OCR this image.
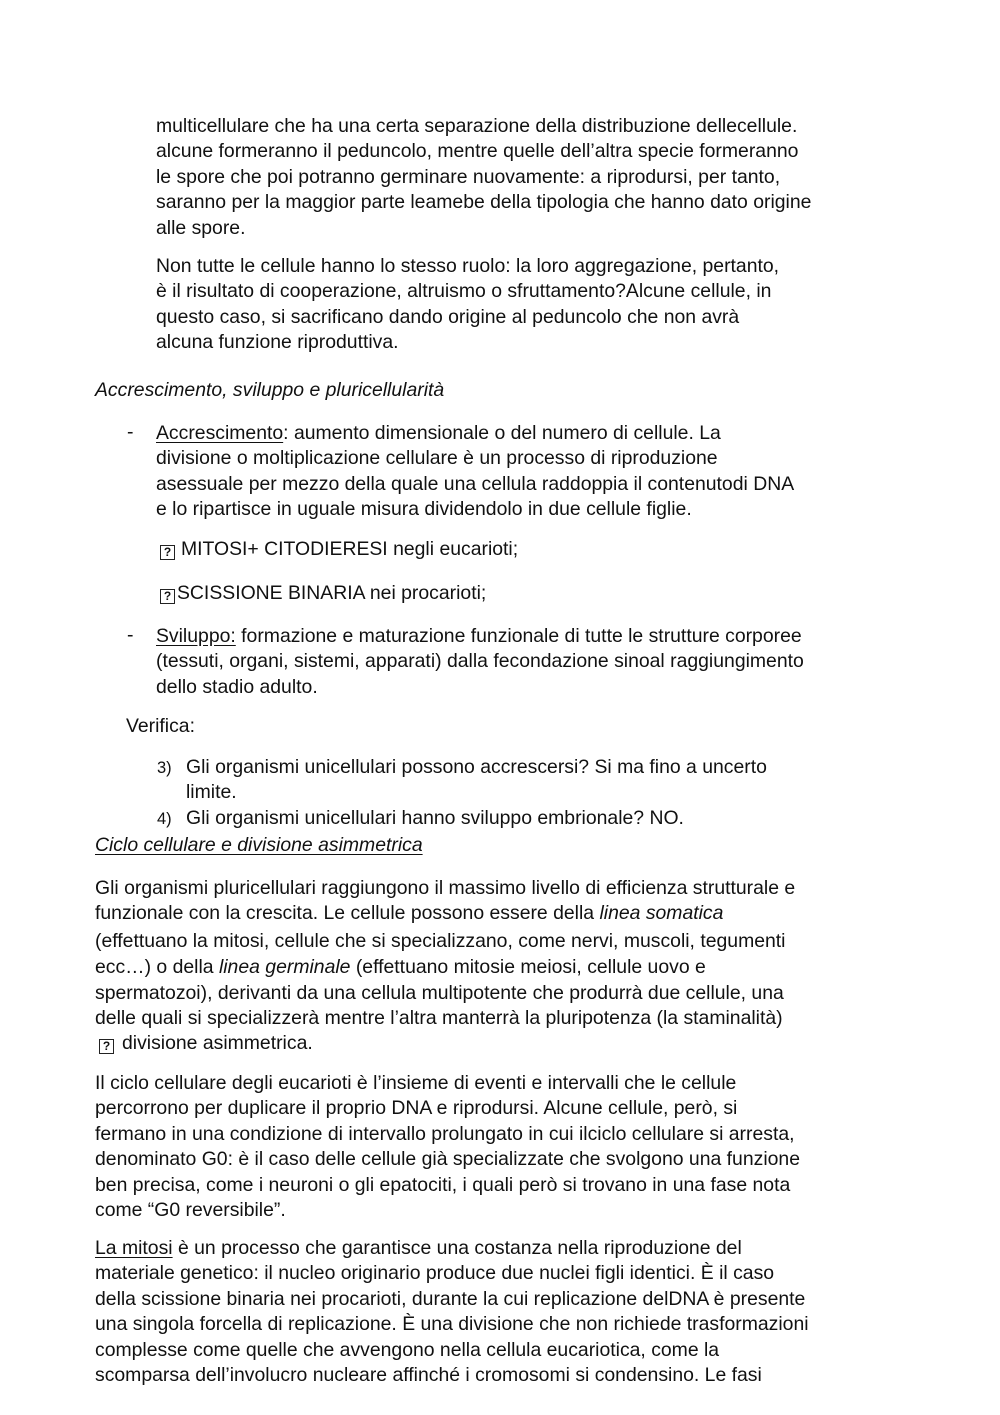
multicellulare che ha una certa separazione della distribuzione dellecellule.
alcune formeranno il peduncolo, mentre quelle dell’altra specie formeranno
le spore che poi potranno germinare nuovamente: a riprodursi, per tanto,
saranno per la maggior parte leamebe della tipologia che hanno dato origine
alle spore.
Non tutte le cellule hanno lo stesso ruolo: la loro aggregazione, pertanto,
è il risultato di cooperazione, altruismo o sfruttamento?Alcune cellule, in
questo caso, si sacrificano dando origine al peduncolo che non avrà
alcuna funzione riproduttiva.
Accrescimento, sviluppo e pluricellularità
- Accrescimento: aumento dimensionale o del numero di cellule. La
divisione o moltiplicazione cellulare è un processo di riproduzione
asessuale per mezzo della quale una cellula raddoppia il contenutodi DNA
e lo ripartisce in uguale misura dividendolo in due cellule figlie.
? MITOSI+ CITODIERESI negli eucarioti;
? SCISSIONE BINARIA nei procarioti;
- Sviluppo: formazione e maturazione funzionale di tutte le strutture corporee
(tessuti, organi, sistemi, apparati) dalla fecondazione sinoal raggiungimento
dello stadio adulto.
Verifica:
3) Gli organismi unicellulari possono accrescersi? Si ma fino a uncerto
limite.
4) Gli organismi unicellulari hanno sviluppo embrionale? NO.
Ciclo cellulare e divisione asimmetrica
Gli organismi pluricellulari raggiungono il massimo livello di efficienza strutturale e
funzionale con la crescita. Le cellule possono essere della linea somatica
(effettuano la mitosi, cellule che si specializzano, come nervi, muscoli, tegumenti
ecc…) o della linea germinale (effettuano mitosie meiosi, cellule uovo e
spermatozoi), derivanti da una cellula multipotente che produrrà due cellule, una
delle quali si specializzerà mentre l’altra manterrà la pluripotenza (la staminalità)
? divisione asimmetrica.
Il ciclo cellulare degli eucarioti è l’insieme di eventi e intervalli che le cellule
percorrono per duplicare il proprio DNA e riprodursi. Alcune cellule, però, si
fermano in una condizione di intervallo prolungato in cui ilciclo cellulare si arresta,
denominato G0: è il caso delle cellule già specializzate che svolgono una funzione
ben precisa, come i neuroni o gli epatociti, i quali però si trovano in una fase nota
come “G0 reversibile”.
La mitosi è un processo che garantisce una costanza nella riproduzione del
materiale genetico: il nucleo originario produce due nuclei figli identici. È il caso
della scissione binaria nei procarioti, durante la cui replicazione delDNA è presente
una singola forcella di replicazione. È una divisione che non richiede trasformazioni
complesse come quelle che avvengono nella cellula eucariotica, come la
scomparsa dell’involucro nucleare affinché i cromosomi si condensino. Le fasi
